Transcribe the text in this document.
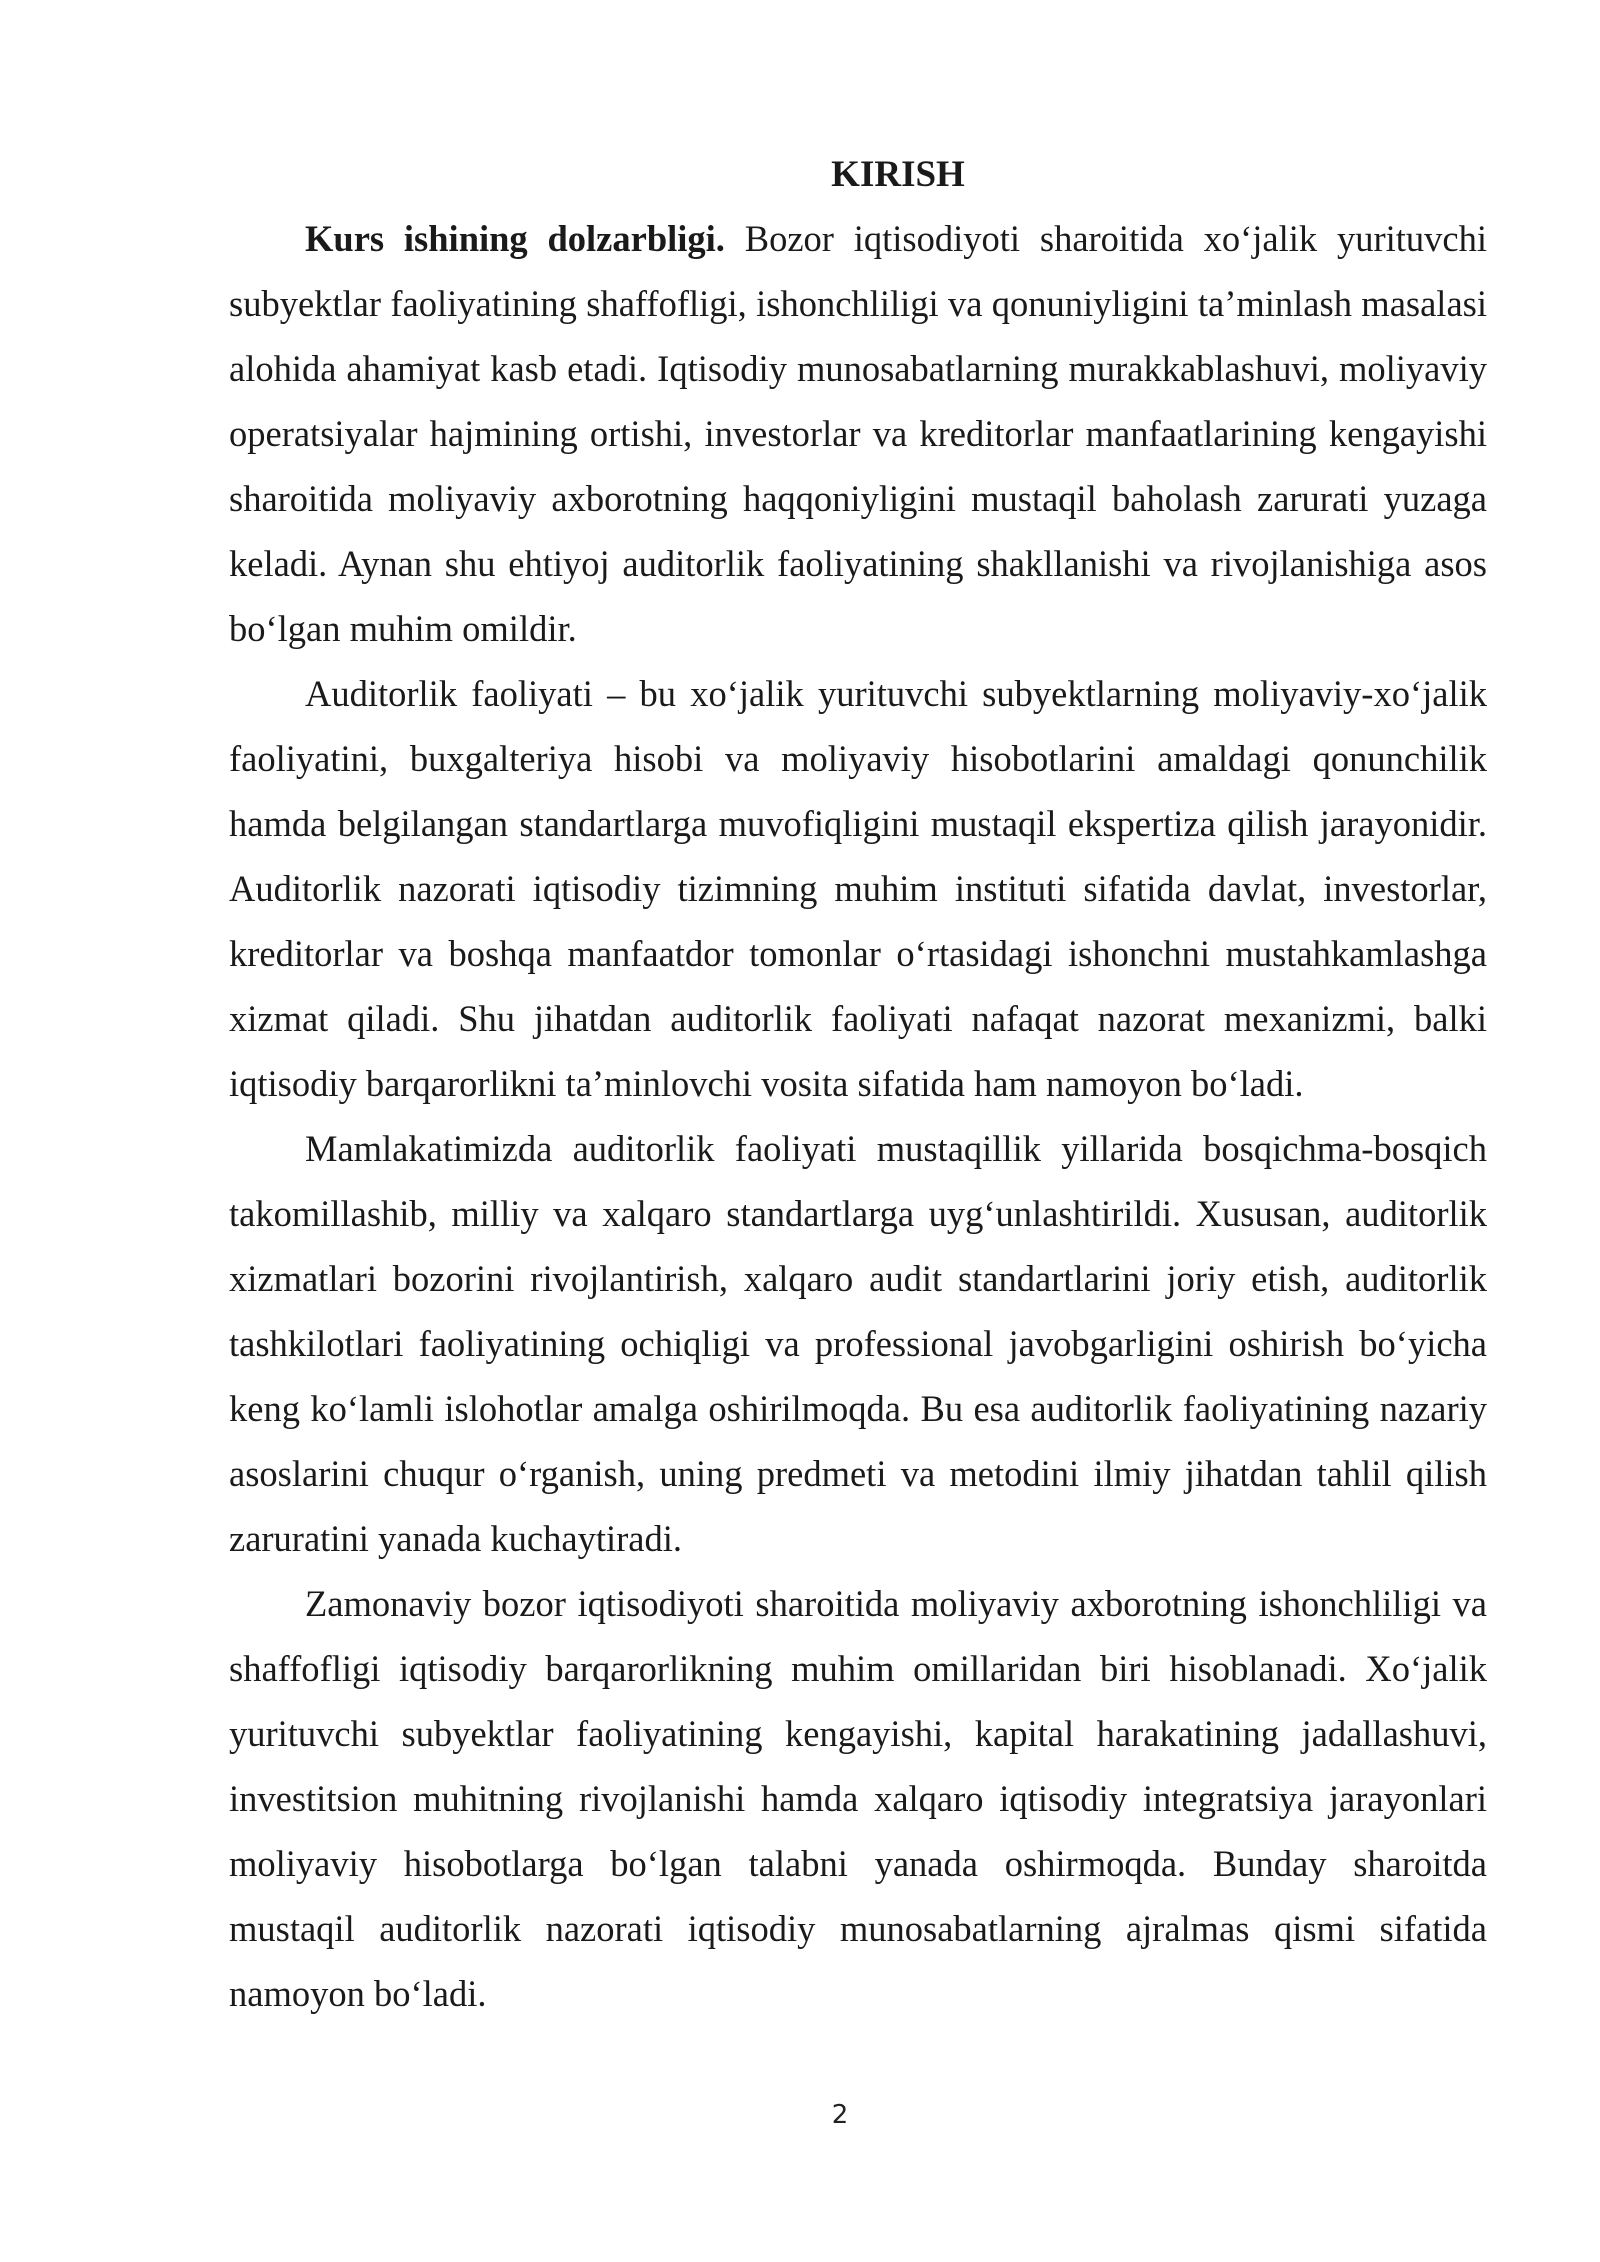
KIRISH

Kurs ishining dolzarbligi. Bozor iqtisodiyoti sharoitida xo‘jalik yurituvchi subyektlar faoliyatining shaffofligi, ishonchliligi va qonuniyligini ta’minlash masalasi alohida ahamiyat kasb etadi. Iqtisodiy munosabatlarning murakkablashuvi, moliyaviy operatsiyalar hajmining ortishi, investorlar va kreditorlar manfaatlarining kengayishi sharoitida moliyaviy axborotning haqqoniyligini mustaqil baholash zarurati yuzaga keladi. Aynan shu ehtiyoj auditorlik faoliyatining shakllanishi va rivojlanishiga asos bo‘lgan muhim omildir.

Auditorlik faoliyati – bu xo‘jalik yurituvchi subyektlarning moliyaviy-xo‘jalik faoliyatini, buxgalteriya hisobi va moliyaviy hisobotlarini amaldagi qonunchilik hamda belgilangan standartlarga muvofiqligini mustaqil ekspertiza qilish jarayonidir. Auditorlik nazorati iqtisodiy tizimning muhim instituti sifatida davlat, investorlar, kreditorlar va boshqa manfaatdor tomonlar o‘rtasidagi ishonchni mustahkamlashga xizmat qiladi. Shu jihatdan auditorlik faoliyati nafaqat nazorat mexanizmi, balki iqtisodiy barqarorlikni ta’minlovchi vosita sifatida ham namoyon bo‘ladi.

Mamlakatimizda auditorlik faoliyati mustaqillik yillarida bosqichma-bosqich takomillashib, milliy va xalqaro standartlarga uyg‘unlashtirildi. Xususan, auditorlik xizmatlari bozorini rivojlantirish, xalqaro audit standartlarini joriy etish, auditorlik tashkilotlari faoliyatining ochiqligi va professional javobgarligini oshirish bo‘yicha keng ko‘lamli islohotlar amalga oshirilmoqda. Bu esa auditorlik faoliyatining nazariy asoslarini chuqur o‘rganish, uning predmeti va metodini ilmiy jihatdan tahlil qilish zaruratini yanada kuchaytiradi.

Zamonaviy bozor iqtisodiyoti sharoitida moliyaviy axborotning ishonchliligi va shaffofligi iqtisodiy barqarorlikning muhim omillaridan biri hisoblanadi. Xo‘jalik yurituvchi subyektlar faoliyatining kengayishi, kapital harakatining jadallashuvi, investitsion muhitning rivojlanishi hamda xalqaro iqtisodiy integratsiya jarayonlari moliyaviy hisobotlarga bo‘lgan talabni yanada oshirmoqda. Bunday sharoitda mustaqil auditorlik nazorati iqtisodiy munosabatlarning ajralmas qismi sifatida namoyon bo‘ladi.

2
